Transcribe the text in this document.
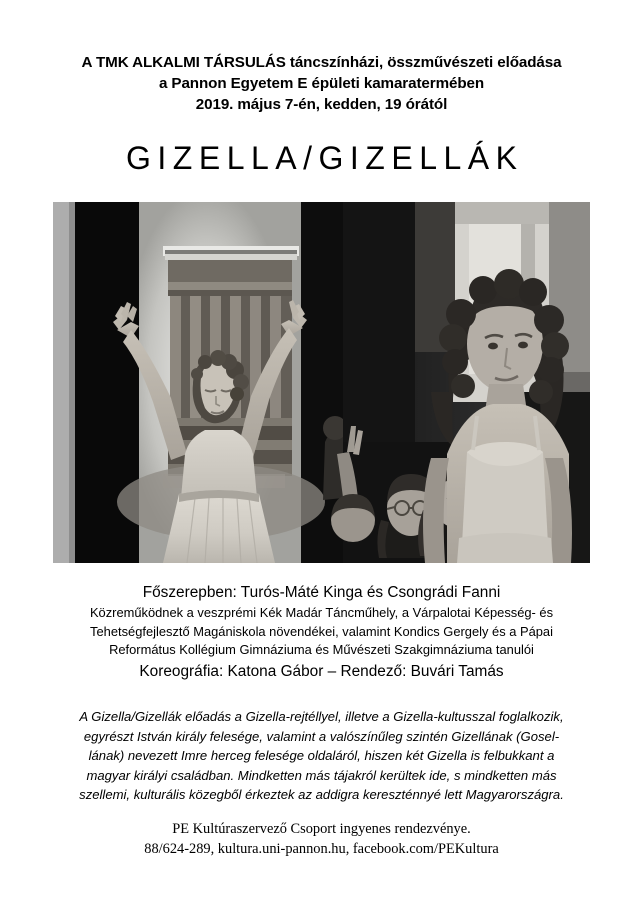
A TMK ALKALMI TÁRSULÁS táncszínházi, összművészeti előadása
a Pannon Egyetem E épületi kamaratermében
2019. május 7-én, kedden, 19 órától
GIZELLA/GIZELLÁK
Főszerepben: Turós-Máté Kinga és Csongrádi Fanni
Közreműködnek a veszprémi Kék Madár Táncműhely, a Várpalotai Képesség- és
Tehetségfejlesztő Magániskola növendékei, valamint Kondics Gergely és a Pápai
Református Kollégium Gimnáziuma és Művészeti Szakgimnáziuma tanulói
Koreográfia: Katona Gábor – Rendező: Buvári Tamás
A Gizella/Gizellák előadás a Gizella-rejtéllyel, illetve a Gizella-kultusszal foglalkozik,
egyrészt István király felesége, valamint a valószínűleg szintén Gizellának (Gosel-
lának) nevezett Imre herceg felesége oldaláról, hiszen két Gizella is felbukkant a
magyar királyi családban. Mindketten más tájakról kerültek ide, s mindketten más
szellemi, kulturális közegből érkeztek az addigra kereszténnyé lett Magyarországra.
PE Kultúraszervező Csoport ingyenes rendezvénye.
88/624-289, kultura.uni-pannon.hu, facebook.com/PEKultura
